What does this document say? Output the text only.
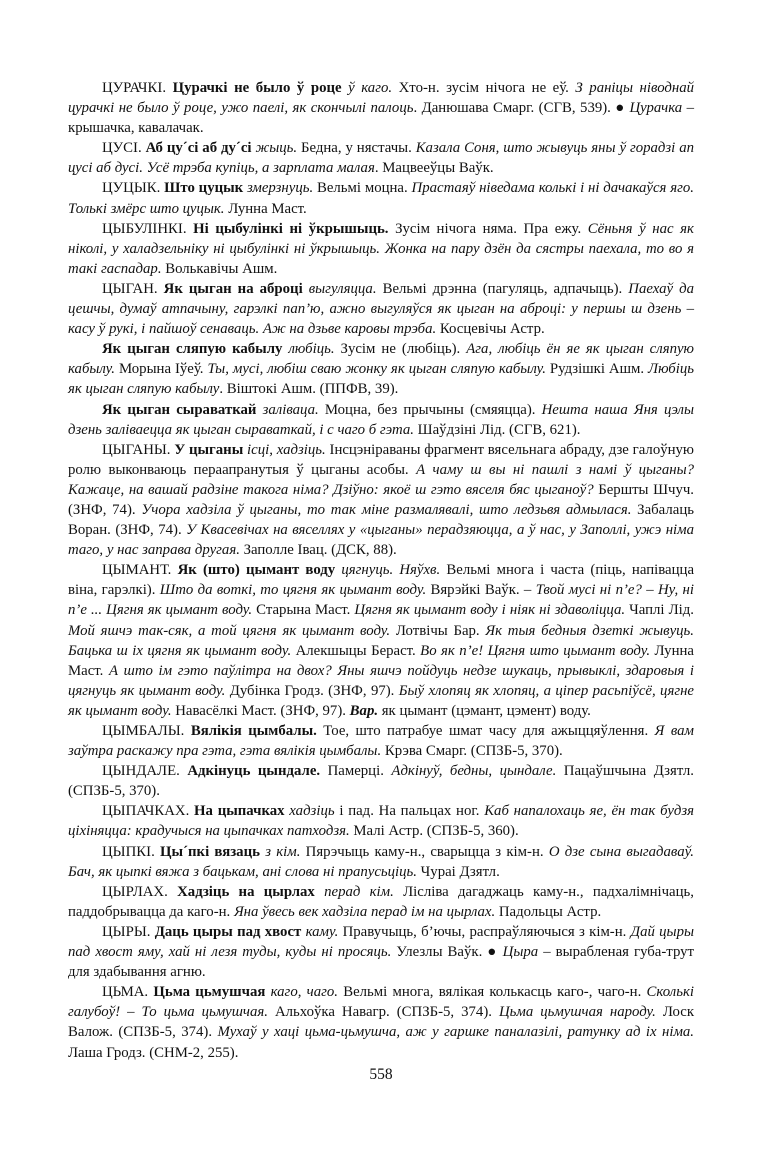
ЦУРАЧКІ. Цурачкі не было ў роце ў каго. Хто-н. зусім нічога не еў. З раніцы ніводнай цурачкі не было ў роце, ужо паелі, як скончылі палоць. Данюшава Смарг. (СГВ, 539). ● Цурачка – крышачка, кавалачак.

ЦУСІ. Аб цу´сі аб ду´сі жыць. Бедна, у нястачы. Казала Соня, што жывуць яны ў горадзі ап цусі аб дусі. Усё трэба купіць, а зарплата малая. Мацвееўцы Ваўк.

ЦУЦЫК. Што цуцык змерзнуць. Вельмі моцна. Прастаяў ніведама колькі і ні дачакаўся яго. Толькі змёрс што цуцык. Лунна Маст.

ЦЫБУЛІНКІ. Ні цыбулінкі ні ўкрышыць. Зусім нічога няма. Пра ежу. Сёньня ў нас як ніколі, у халадзельніку ні цыбулінкі ні ўкрышыць. Жонка на пару дзён да сястры паехала, то во я такі гаспадар. Волькавічы Ашм.

ЦЫГАН. Як цыган на аброці выгуляцца. Вельмі дрэнна (пагуляць, адпачыць). Паехаў да цешчы, думаў атпачыну, гарэлкі пап’ю, ажно выгуляўся як цыган на аброці: у першы ш дзень – касу ў рукі, і пайшоў сенаваць. Аж на дзьве каровы трэба. Косцевічы Астр.

Як цыган сляпую кабылу любіць. Зусім не (любіць). Ага, любіць ён яе як цыган сляпую кабылу. Морына Іўеў. Ты, мусі, любіш сваю жонку як цыган сляпую кабылу. Рудзішкі Ашм. Любіць як цыган сляпую кабылу. Віштокі Ашм. (ППФВ, 39).

Як цыган сыраваткай заліваца. Моцна, без прычыны (смяяцца). Нешта наша Яня цэлы дзень заліваецца як цыган сыраваткай, і с чаго б гэта. Шаўдзіні Лід. (СГВ, 621).

ЦЫГАНЫ. У цыганы ісці, хадзіць. Інсцэніраваны фрагмент вясельнага абраду, дзе галоўную ролю выконваюць пераапранутыя ў цыганы асобы. А чаму ш вы ні пашлі з намі ў цыганы? Кажаце, на вашай радзіне такога німа? Дзіўно: якоё ш гэто вяселя бяс цыганоў? Бершты Шчуч. (ЗНФ, 74). Учора хадзіла ў цыганы, то так міне размалявалі, што ледзьвя адмылася. Забалаць Воран. (ЗНФ, 74). У Квасевічах на вяселлях у «цыганы» перадзяюцца, а ў нас, у Заполлі, ужэ німа таго, у нас заправа другая. Заполле Івац. (ДСК, 88).

ЦЫМАНТ. Як (што) цымант воду цягнуць. Няўхв. Вельмі многа і часта (піць, напівацца віна, гарэлкі). Што да воткі, то цягня як цымант воду. Вярэйкі Ваўк. – Твой мусі ні п’е? – Ну, ні п’е ... Цягня як цымант воду. Старына Маст. Цягня як цымант воду і ніяк ні здаволіцца. Чаплі Лід. Мой яшчэ так-сяк, а той цягня як цымант воду. Лотвічы Бар. Як тыя бедныя дзеткі жывуць. Бацька ш іх цягня як цымант воду. Алекшыцы Бераст. Во як п’е! Цягня што цымант воду. Лунна Маст. А што ім гэто паўлітра на двох? Яны яшчэ пойдуць недзе шукаць, прывыклі, здаровыя і цягнуць як цымант воду. Дубінка Гродз. (ЗНФ, 97). Быў хлопяц як хлопяц, а ціпер расьпіўсё, цягне як цымант воду. Навасёлкі Маст. (ЗНФ, 97). Вар. як цымант (цэмант, цэмент) воду.

ЦЫМБАЛЫ. Вялікія цымбалы. Тое, што патрабуе шмат часу для ажыццяўлення. Я вам заўтра раскажу пра гэта, гэта вялікія цымбалы. Крэва Смарг. (СПЗБ-5, 370).

ЦЫНДАЛЕ. Адкінуць цындале. Памерці. Адкінуў, бедны, цындале. Пацаўшчына Дзятл. (СПЗБ-5, 370).

ЦЫПАЧКАХ. На цыпачках хадзіць і пад. На пальцах ног. Каб напалохаць яе, ён так будзя ціхіняцца: крадучыся на цыпачках патходзя. Малі Астр. (СПЗБ-5, 360).

ЦЫПКІ. Цы´пкі вязаць з кім. Пярэчыць каму-н., сварыцца з кім-н. О дзе сына выгадаваў. Бач, як цыпкі вяжа з бацькам, ані слова ні прапусьціць. Чураі Дзятл.

ЦЫРЛАХ. Хадзіць на цырлах перад кім. Лісліва дагаджаць каму-н., падхалімнічаць, паддобрывацца да каго-н. Яна ўвесь век хадзіла перад ім на цырлах. Падольцы Астр.

ЦЫРЫ. Даць цыры пад хвост каму. Правучыць, б’ючы, распраўляючыся з кім-н. Дай цыры пад хвост яму, хай ні лезя туды, куды ні просяць. Улезлы Ваўк. ● Цыра – вырабленая губа-трут для здабывання агню.

ЦЬМА. Цьма цьмушчая каго, чаго. Вельмі многа, вялікая колькасць каго-, чаго-н. Сколькі галубоў! – То цьма цьмушчая. Альхоўка Навагр. (СПЗБ-5, 374). Цьма цьмушчая народу. Лоск Валож. (СПЗБ-5, 374). Мухаў у хаці цьма-цьмушча, аж у гаршке паналазілі, ратунку ад іх німа. Лаша Гродз. (СНМ-2, 255).

558
